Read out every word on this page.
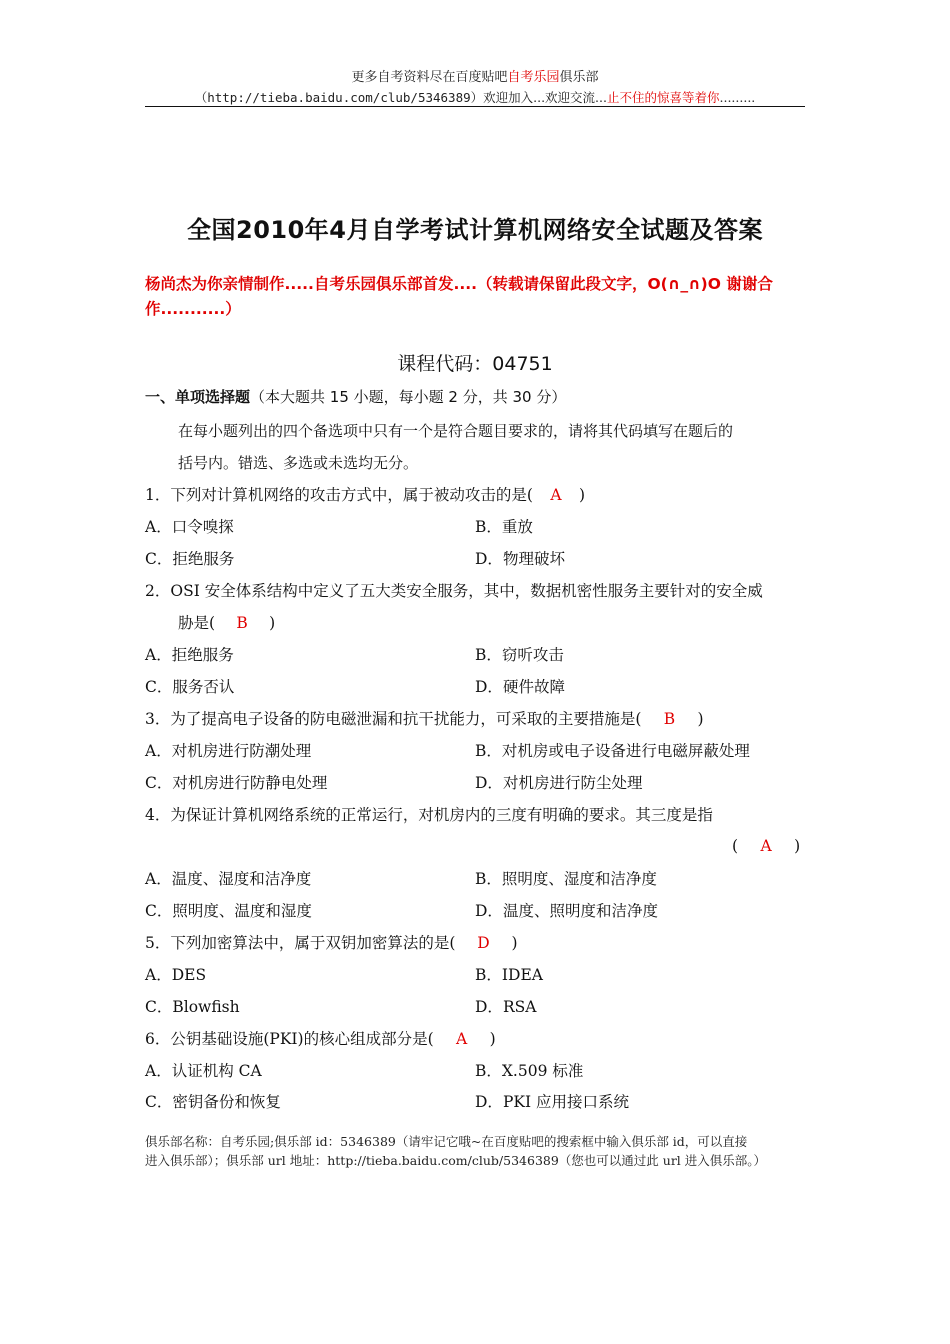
更多自考资料尽在百度贴吧自考乐园俱乐部
（http://tieba.baidu.com/club/5346389）欢迎加入...欢迎交流...止不住的惊喜等着你.........
全国2010年4月自学考试计算机网络安全试题及答案
杨尚杰为你亲情制作.....自考乐园俱乐部首发....（转载请保留此段文字，O(∩_∩)O 谢谢合作...........）
课程代码：04751
一、单项选择题（本大题共 15 小题，每小题 2 分，共 30 分）
在每小题列出的四个备选项中只有一个是符合题目要求的，请将其代码填写在题后的
括号内。错选、多选或未选均无分。
1．下列对计算机网络的攻击方式中，属于被动攻击的是( A )
A．口令嗅探	B．重放
C．拒绝服务	D．物理破坏
2．OSI 安全体系结构中定义了五大类安全服务，其中，数据机密性服务主要针对的安全威
胁是( B )
A．拒绝服务	B．窃听攻击
C．服务否认	D．硬件故障
3．为了提高电子设备的防电磁泄漏和抗干扰能力，可采取的主要措施是( B )
A．对机房进行防潮处理	B．对机房或电子设备进行电磁屏蔽处理
C．对机房进行防静电处理	D．对机房进行防尘处理
4．为保证计算机网络系统的正常运行，对机房内的三度有明确的要求。其三度是指
( A )
A．温度、湿度和洁净度	B．照明度、湿度和洁净度
C．照明度、温度和湿度	D．温度、照明度和洁净度
5．下列加密算法中，属于双钥加密算法的是( D )
A．DES	B．IDEA
C．Blowfish	D．RSA
6．公钥基础设施(PKI)的核心组成部分是( A )
A．认证机构 CA	B．X.509 标准
C．密钥备份和恢复	D．PKI 应用接口系统
俱乐部名称：自考乐园;俱乐部 id：5346389（请牢记它哦~在百度贴吧的搜索框中输入俱乐部 id，可以直接
进入俱乐部）；俱乐部 url 地址：http://tieba.baidu.com/club/5346389（您也可以通过此 url 进入俱乐部。）
